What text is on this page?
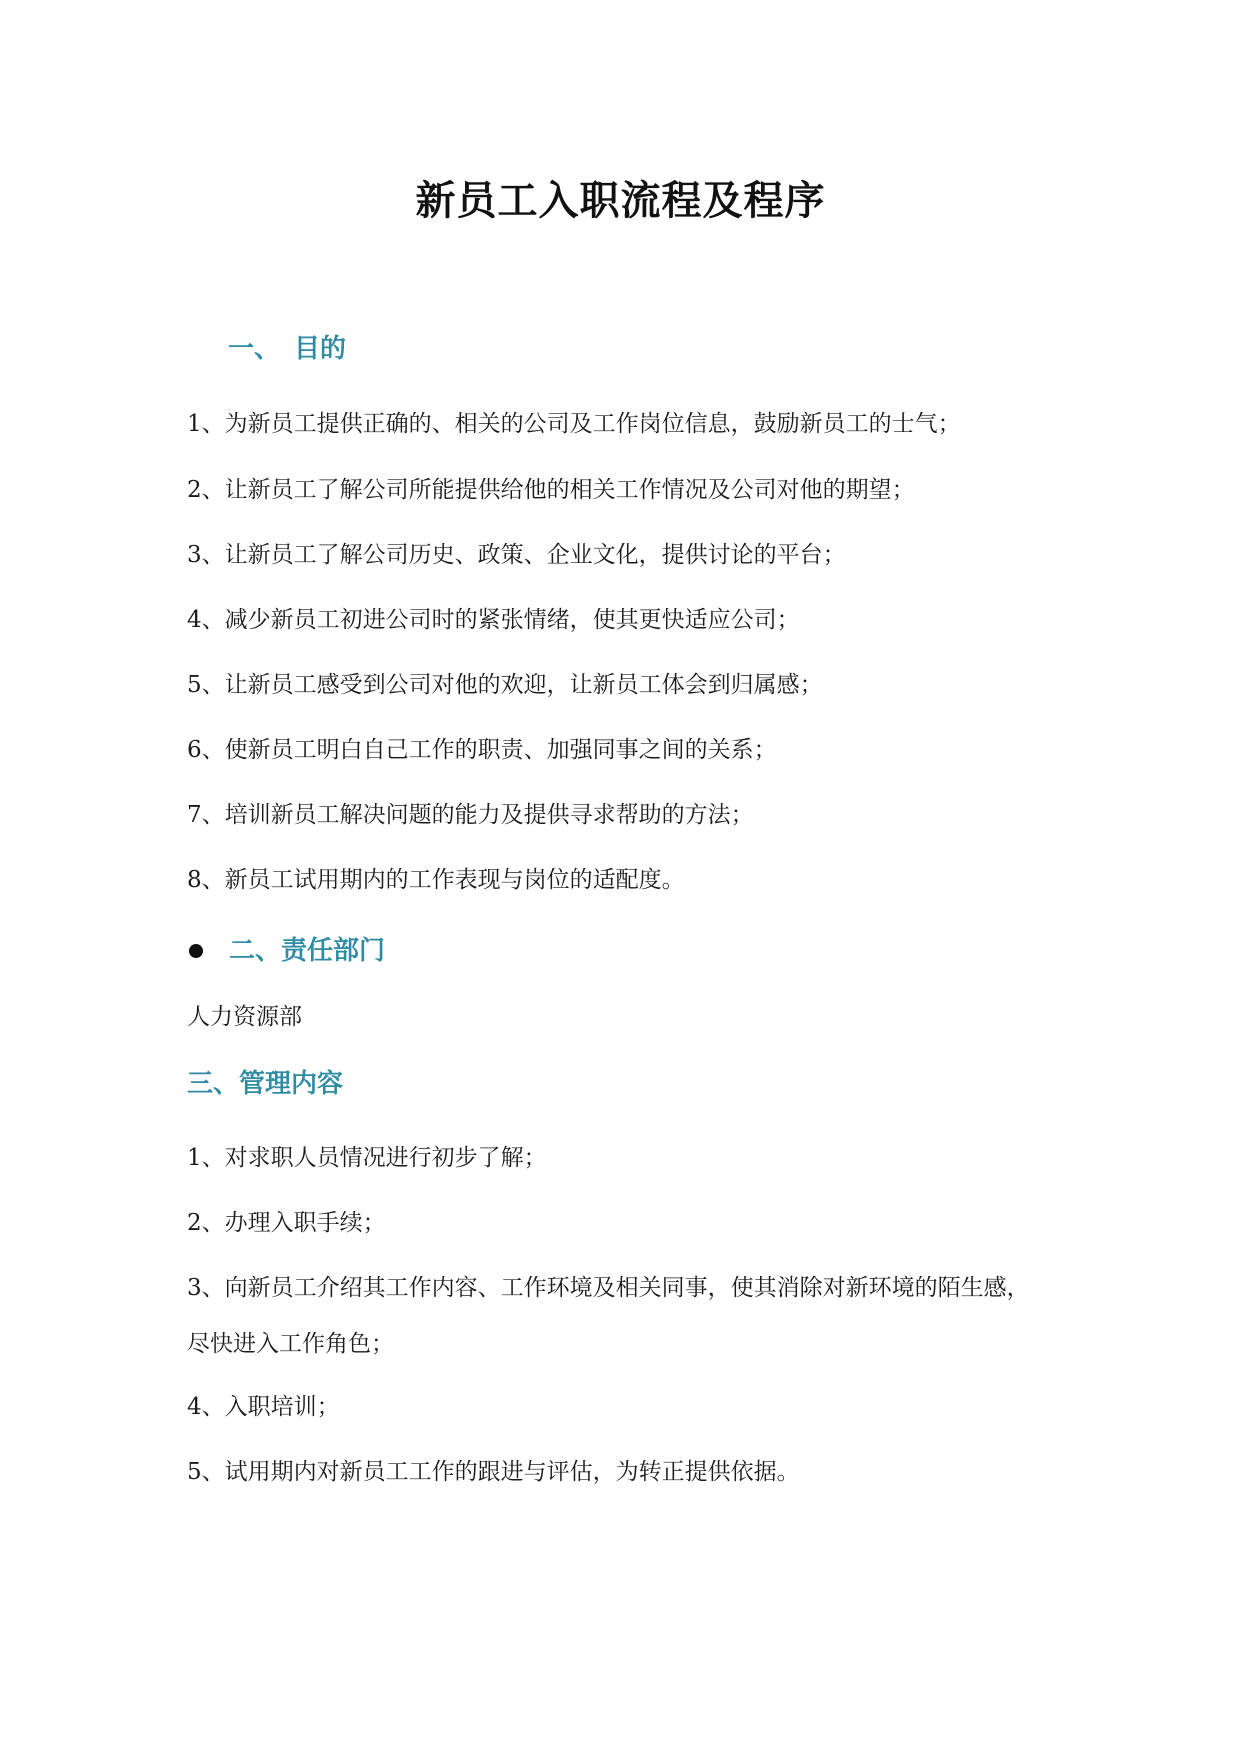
新员工入职流程及程序
一、 目的
1、为新员工提供正确的、相关的公司及工作岗位信息，鼓励新员工的士气；
2、让新员工了解公司所能提供给他的相关工作情况及公司对他的期望；
3、让新员工了解公司历史、政策、企业文化，提供讨论的平台；
4、减少新员工初进公司时的紧张情绪，使其更快适应公司；
5、让新员工感受到公司对他的欢迎，让新员工体会到归属感；
6、使新员工明白自己工作的职责、加强同事之间的关系；
7、培训新员工解决问题的能力及提供寻求帮助的方法；
8、新员工试用期内的工作表现与岗位的适配度。
二、责任部门
人力资源部
三、管理内容
1、对求职人员情况进行初步了解；
2、办理入职手续；
3、向新员工介绍其工作内容、工作环境及相关同事，使其消除对新环境的陌生感，尽快进入工作角色；
4、入职培训；
5、试用期内对新员工工作的跟进与评估，为转正提供依据。
